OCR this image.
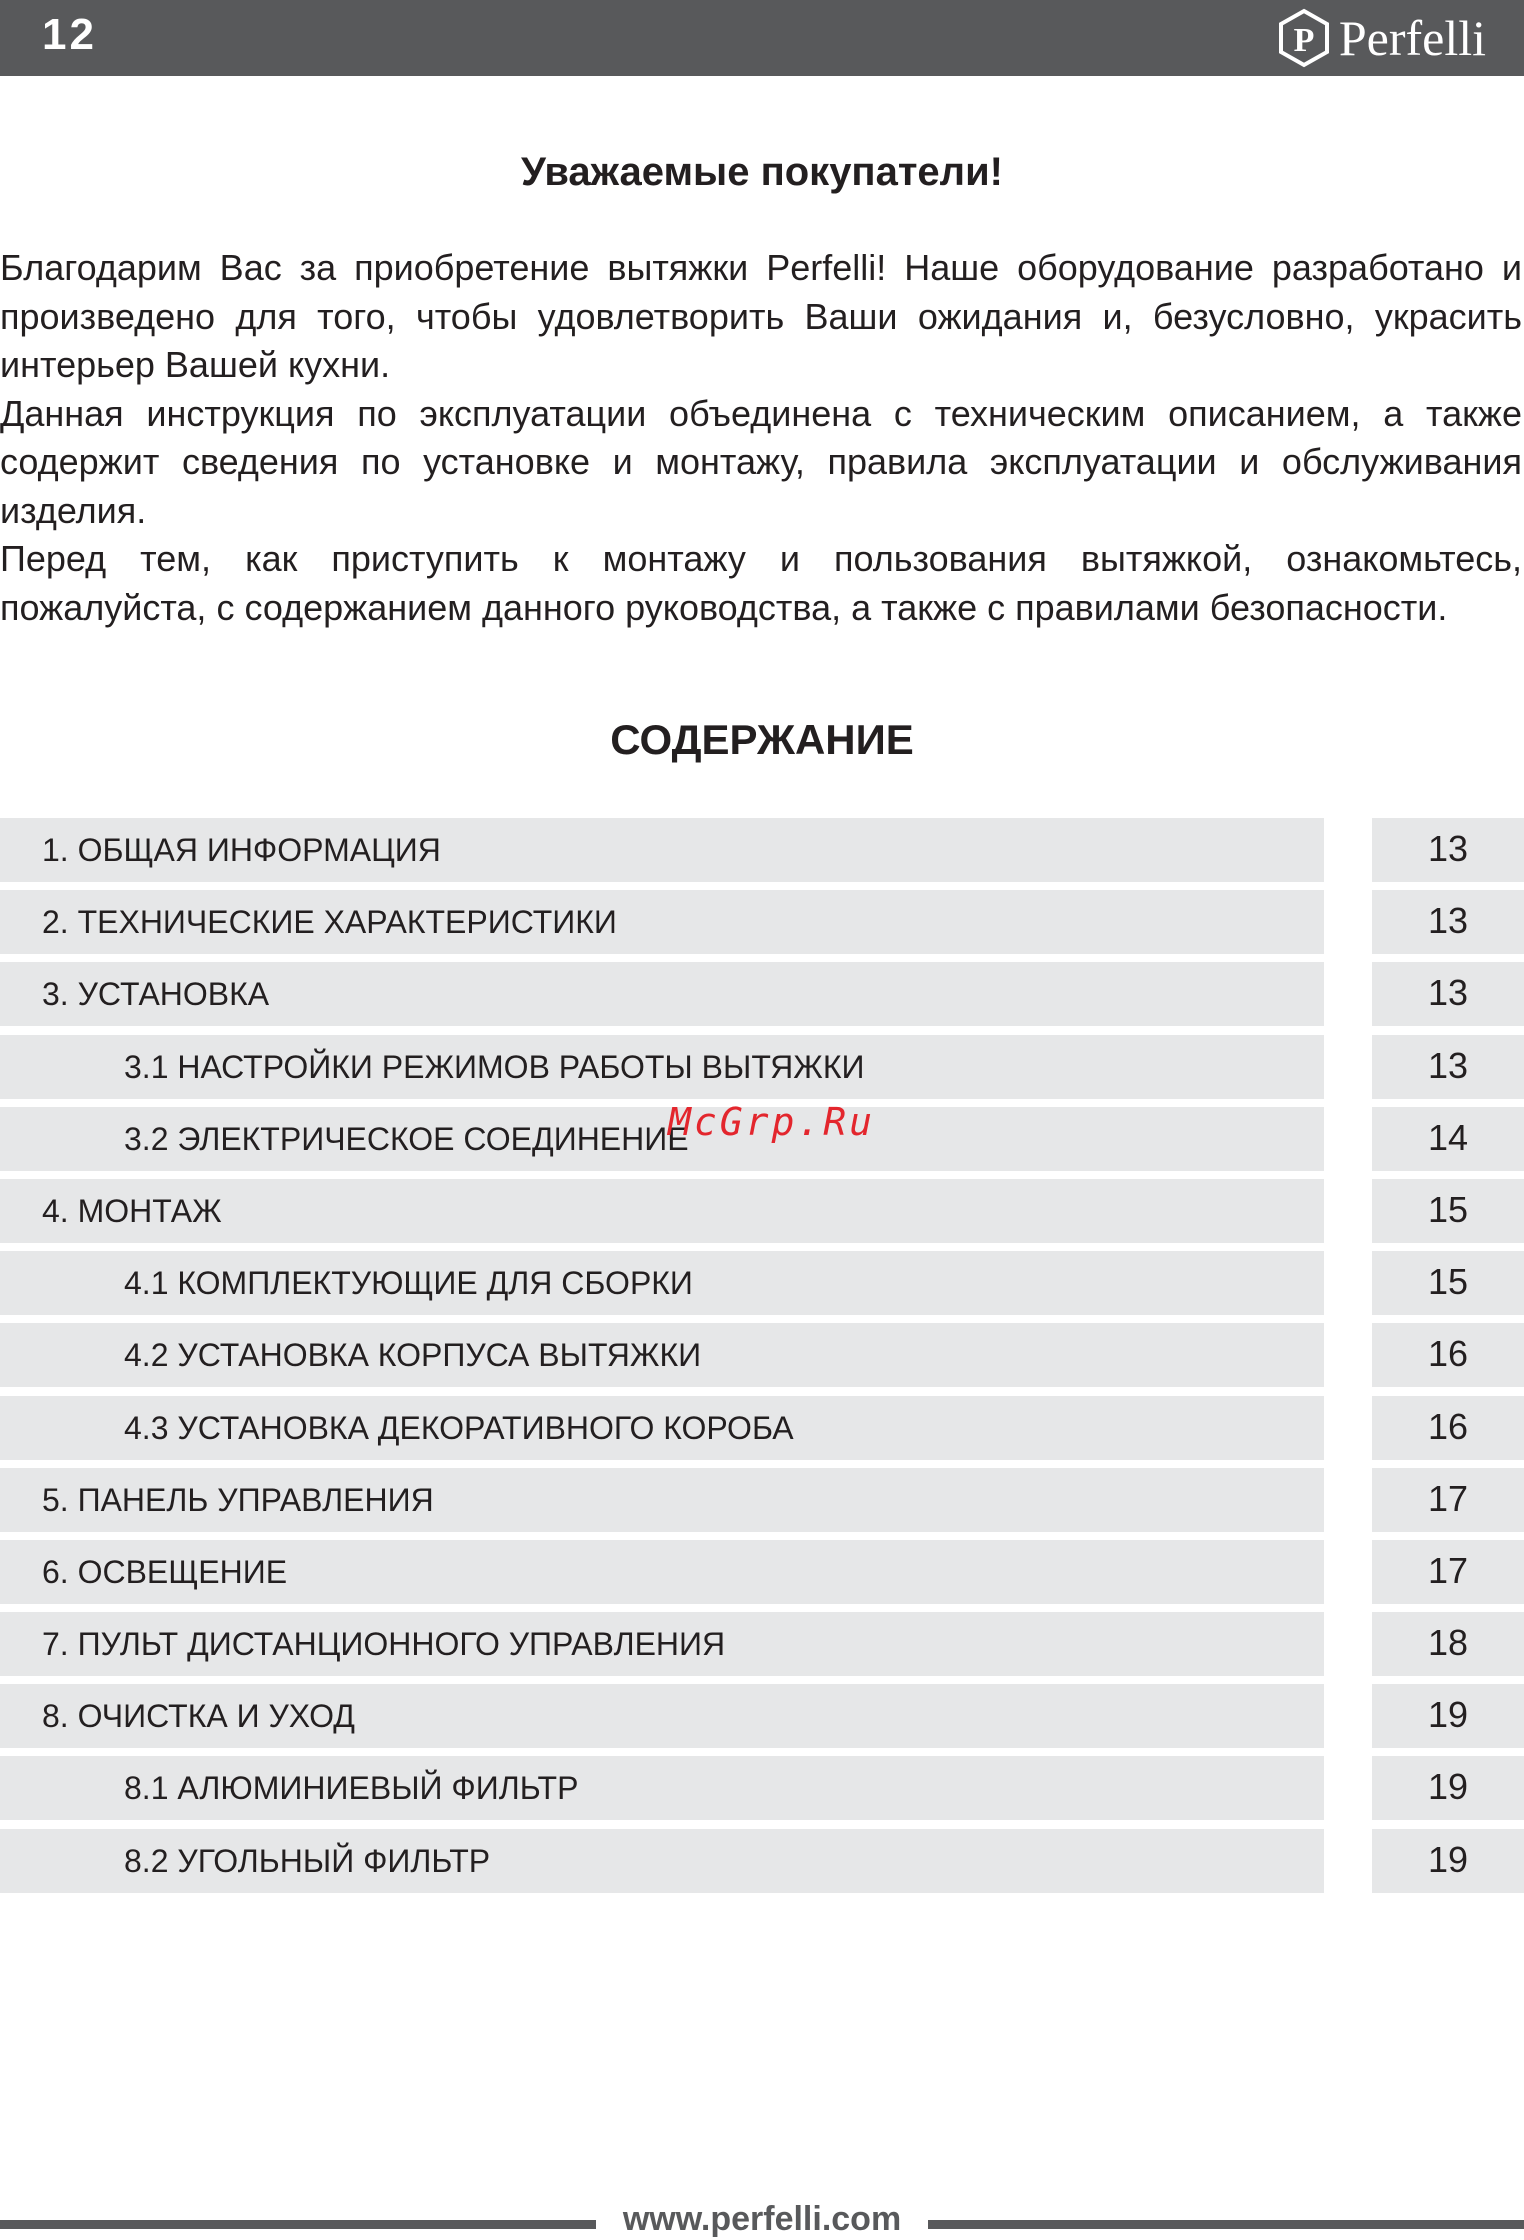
12	P Perfelli
Уважаемые покупатели!

Благодарим Вас за приобретение вытяжки Perfelli! Наше оборудование разработано и произведено для того, чтобы удовлетворить Ваши ожидания и, безусловно, украсить интерьер Вашей кухни.

Данная инструкция по эксплуатации объединена с техническим описанием, а также содержит сведения по установке и монтажу, правила эксплуатации и обслуживания изделия.

Перед тем, как приступить к монтажу и пользования вытяжкой, ознакомьтесь, пожалуйста, с содержанием данного руководства, а также с правилами безопасности.

СОДЕРЖАНИЕ
1. ОБЩАЯ ИНФОРМАЦИЯ	13
2. ТЕХНИЧЕСКИЕ ХАРАКТЕРИСТИКИ	13
3. УСТАНОВКА	13
3.1 НАСТРОЙКИ РЕЖИМОВ РАБОТЫ ВЫТЯЖКИ	13
3.2 ЭЛЕКТРИЧЕСКОЕ СОЕДИНЕНИЕ	14
4. МОНТАЖ	15
4.1 КОМПЛЕКТУЮЩИЕ ДЛЯ СБОРКИ	15
4.2 УСТАНОВКА КОРПУСА ВЫТЯЖКИ	16
4.3 УСТАНОВКА ДЕКОРАТИВНОГО КОРОБА	16
5. ПАНЕЛЬ УПРАВЛЕНИЯ	17
6. ОСВЕЩЕНИЕ	17
7. ПУЛЬТ ДИСТАНЦИОННОГО УПРАВЛЕНИЯ	18
8. ОЧИСТКА И УХОД	19
8.1 АЛЮМИНИЕВЫЙ ФИЛЬТР	19
8.2 УГОЛЬНЫЙ ФИЛЬТР	19
McGrp.Ru
www.perfelli.com
